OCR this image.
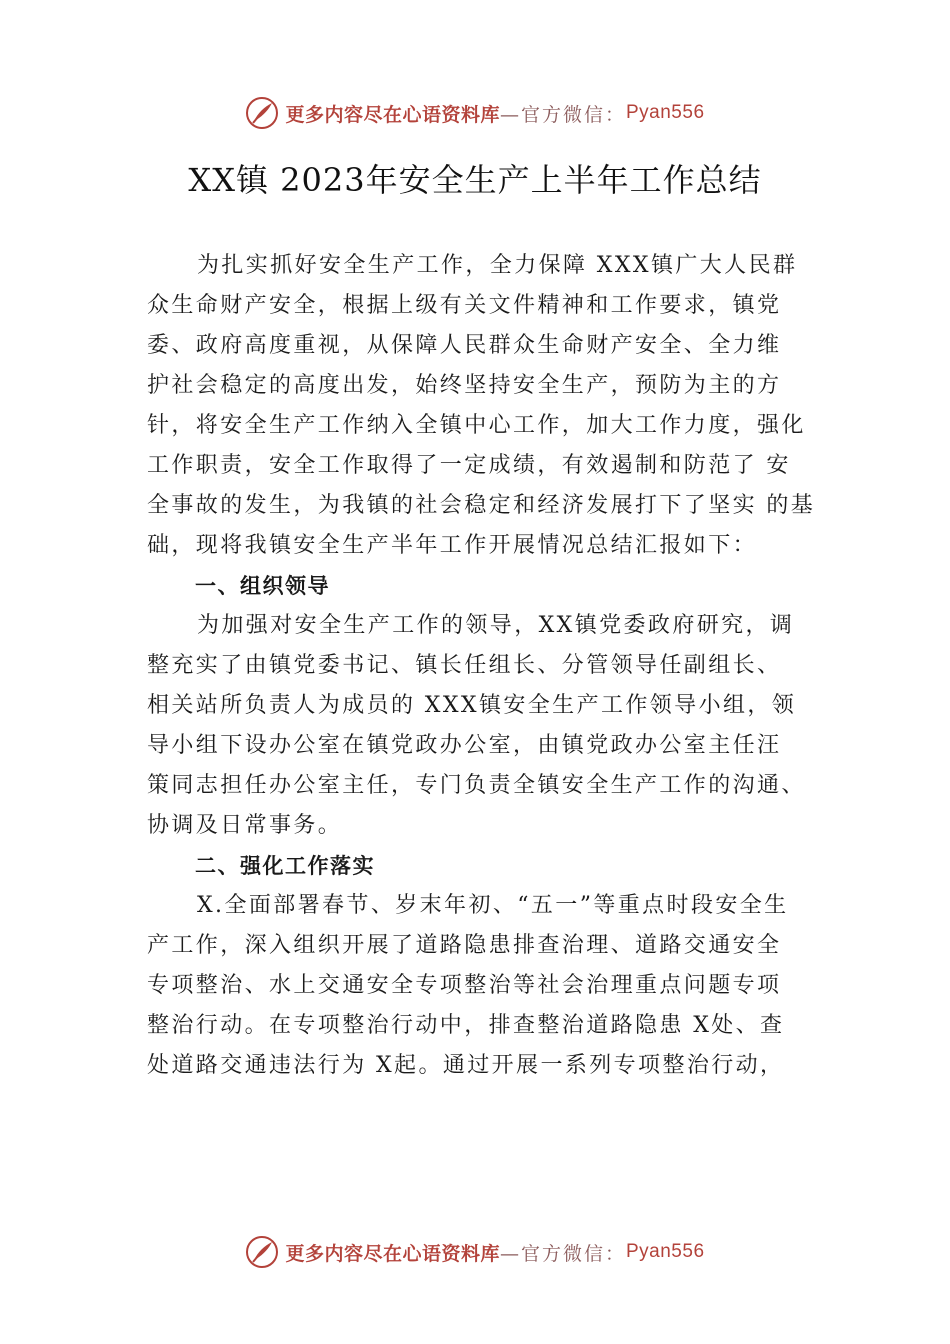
更多内容尽在心语资料库 —官方微信： Pyan556
XX镇 2023年安全生产上半年工作总结
为扎实抓好安全生产工作，全力保障 XXX镇广大人民群
众生命财产安全，根据上级有关文件精神和工作要求，镇党
委、政府高度重视，从保障人民群众生命财产安全、全力维
护社会稳定的高度出发，始终坚持安全生产，预防为主的方
针，将安全生产工作纳入全镇中心工作，加大工作力度，强化
工作职责，安全工作取得了一定成绩，有效遏制和防范了 安
全事故的发生，为我镇的社会稳定和经济发展打下了坚实 的基
础，现将我镇安全生产半年工作开展情况总结汇报如下：
一、组织领导
为加强对安全生产工作的领导，XX镇党委政府研究，调
整充实了由镇党委书记、镇长任组长、分管领导任副组长、
相关站所负责人为成员的 XXX镇安全生产工作领导小组，领
导小组下设办公室在镇党政办公室，由镇党政办公室主任汪
策同志担任办公室主任，专门负责全镇安全生产工作的沟通、
协调及日常事务。
二、强化工作落实
X.全面部署春节、岁末年初、“五一”等重点时段安全生
产工作，深入组织开展了道路隐患排查治理、道路交通安全
专项整治、水上交通安全专项整治等社会治理重点问题专项
整治行动。在专项整治行动中，排查整治道路隐患 X处、查
处道路交通违法行为 X起。通过开展一系列专项整治行动，
更多内容尽在心语资料库 —官方微信： Pyan556
